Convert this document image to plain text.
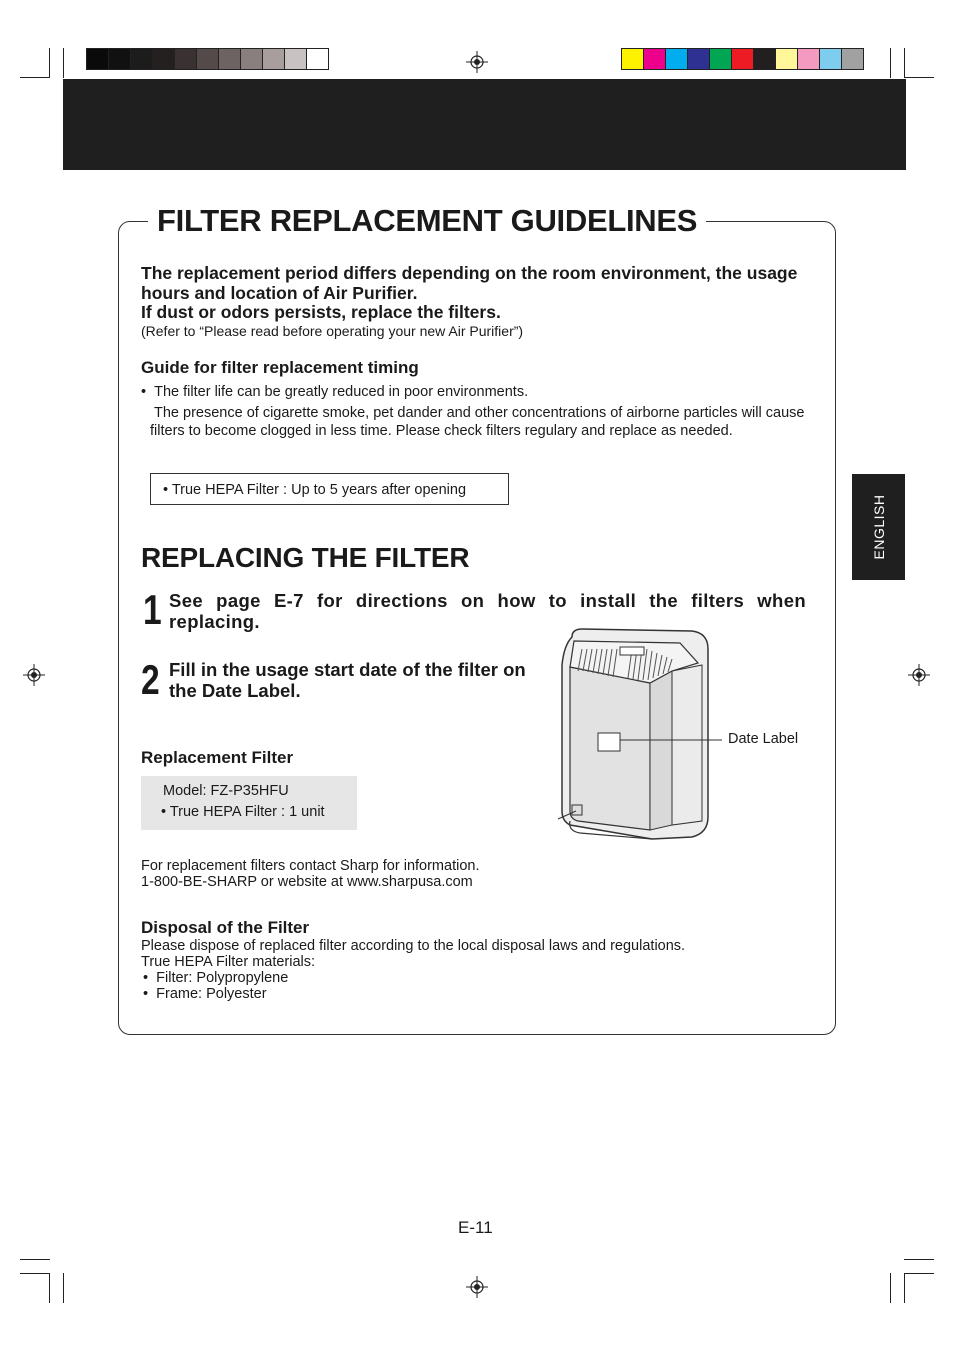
FILTER REPLACEMENT GUIDELINES
The replacement period differs depending on the room environment, the usage hours and location of Air Purifier.
If dust or odors persists, replace the filters.
(Refer to “Please read before operating your new Air Purifier”)
Guide for filter replacement timing
•  The filter life can be greatly reduced in poor environments.
The presence of cigarette smoke, pet dander and other concentrations of airborne particles will cause filters to become clogged in less time. Please check filters regulary and replace as needed.
• True HEPA Filter : Up to 5 years after opening
REPLACING THE FILTER
1 See page E-7 for directions on how to install the filters when replacing.
2 Fill in the usage start date of the filter on the Date Label.
Date Label
Replacement Filter
Model: FZ-P35HFU
• True HEPA Filter : 1 unit
For replacement filters contact Sharp for information.
1-800-BE-SHARP or website at www.sharpusa.com
Disposal of the Filter
Please dispose of replaced filter according to the local disposal laws and regulations.
True HEPA Filter materials:
•  Filter: Polypropylene
•  Frame: Polyester
ENGLISH
E-11
